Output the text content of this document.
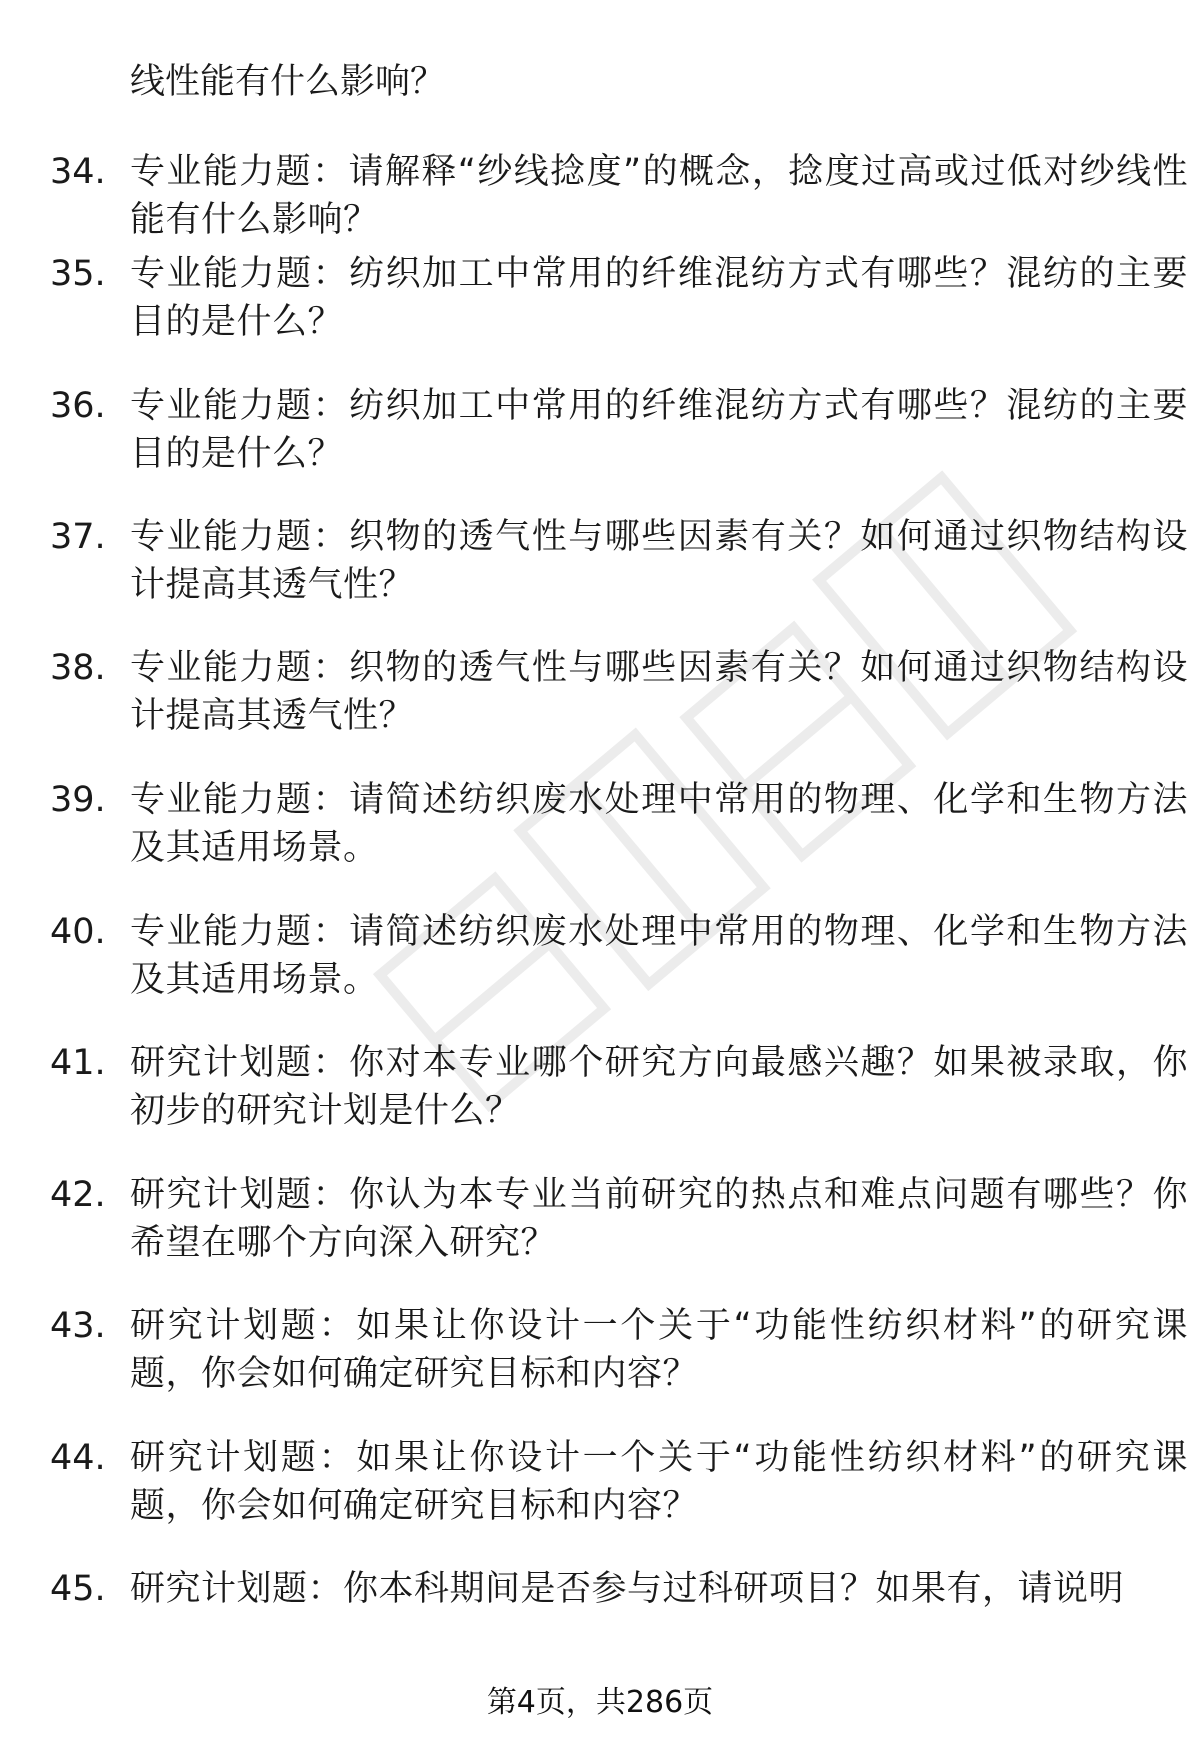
线性能有什么影响？
34. 专业能力题：请解释“纱线捻度”的概念，捻度过高或过低对纱线性能有什么影响？
35. 专业能力题：纺织加工中常用的纤维混纺方式有哪些？混纺的主要目的是什么？
36. 专业能力题：纺织加工中常用的纤维混纺方式有哪些？混纺的主要目的是什么？
37. 专业能力题：织物的透气性与哪些因素有关？如何通过织物结构设计提高其透气性？
38. 专业能力题：织物的透气性与哪些因素有关？如何通过织物结构设计提高其透气性？
39. 专业能力题：请简述纺织废水处理中常用的物理、化学和生物方法及其适用场景。
40. 专业能力题：请简述纺织废水处理中常用的物理、化学和生物方法及其适用场景。
41. 研究计划题：你对本专业哪个研究方向最感兴趣？如果被录取，你初步的研究计划是什么？
42. 研究计划题：你认为本专业当前研究的热点和难点问题有哪些？你希望在哪个方向深入研究？
43. 研究计划题：如果让你设计一个关于“功能性纺织材料”的研究课题，你会如何确定研究目标和内容？
44. 研究计划题：如果让你设计一个关于“功能性纺织材料”的研究课题，你会如何确定研究目标和内容？
45. 研究计划题：你本科期间是否参与过科研项目？如果有，请说明
第4页，共286页
